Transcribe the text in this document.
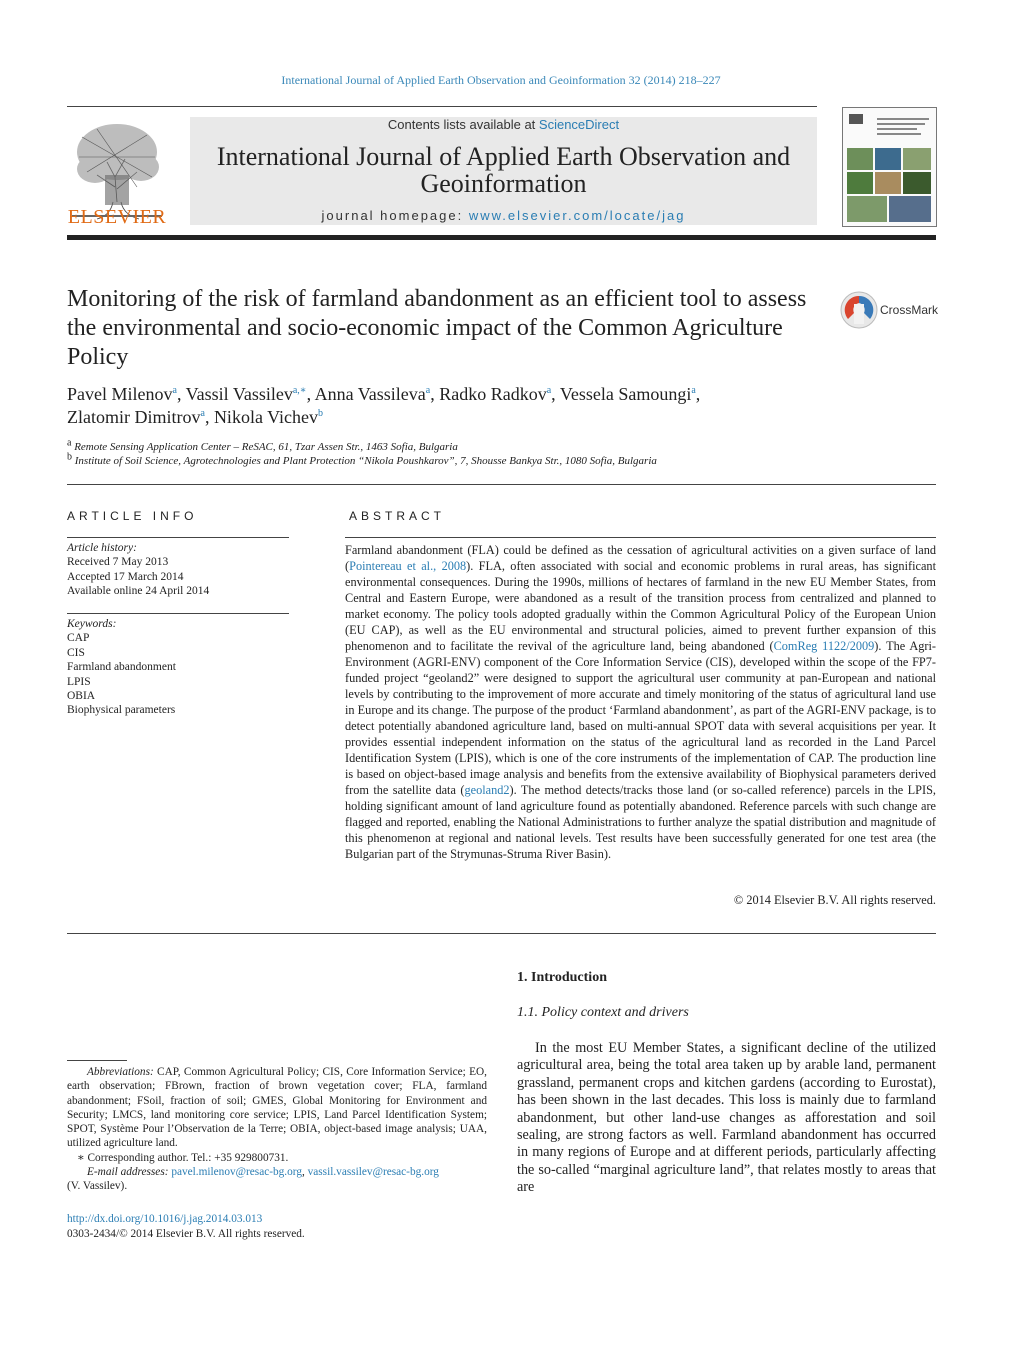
International Journal of Applied Earth Observation and Geoinformation 32 (2014) 218–227
ELSEVIER
Contents lists available at ScienceDirect
International Journal of Applied Earth Observation and Geoinformation
journal homepage: www.elsevier.com/locate/jag
Monitoring of the risk of farmland abandonment as an efficient tool to assess the environmental and socio-economic impact of the Common Agriculture Policy
CrossMark
Pavel Milenov$^a$, Vassil Vassilev$^{a,∗}$, Anna Vassileva$^a$, Radko Radkov$^a$, Vessela Samoungi$^a$,
Zlatomir Dimitrov$^a$, Nikola Vichev$^b$
$^a$ Remote Sensing Application Center – ReSAC, 61, Tzar Assen Str., 1463 Sofia, Bulgaria
$^b$ Institute of Soil Science, Agrotechnologies and Plant Protection “Nikola Poushkarov”, 7, Shousse Bankya Str., 1080 Sofia, Bulgaria
ARTICLE INFO
Article history:
Received 7 May 2013
Accepted 17 March 2014
Available online 24 April 2014
Keywords:
CAP
CIS
Farmland abandonment
LPIS
OBIA
Biophysical parameters
ABSTRACT
Farmland abandonment (FLA) could be defined as the cessation of agricultural activities on a given surface of land (Pointereau et al., 2008). FLA, often associated with social and economic problems in rural areas, has significant environmental consequences. During the 1990s, millions of hectares of farmland in the new EU Member States, from Central and Eastern Europe, were abandoned as a result of the transition process from centralized and planned to market economy. The policy tools adopted gradually within the Common Agricultural Policy of the European Union (EU CAP), as well as the EU environmental and structural policies, aimed to prevent further expansion of this phenomenon and to facilitate the revival of the agriculture land, being abandoned (ComReg 1122/2009). The Agri-Environment (AGRI-ENV) component of the Core Information Service (CIS), developed within the scope of the FP7-funded project “geoland2” were designed to support the agricultural user community at pan-European and national levels by contributing to the improvement of more accurate and timely monitoring of the status of agricultural land use in Europe and its change. The purpose of the product ‘Farmland abandonment’, as part of the AGRI-ENV package, is to detect potentially abandoned agriculture land, based on multi-annual SPOT data with several acquisitions per year. It provides essential independent information on the status of the agricultural land as recorded in the Land Parcel Identification System (LPIS), which is one of the core instruments of the implementation of CAP. The production line is based on object-based image analysis and benefits from the extensive availability of Biophysical parameters derived from the satellite data (geoland2). The method detects/tracks those land (or so-called reference) parcels in the LPIS, holding significant amount of land agriculture found as potentially abandoned. Reference parcels with such change are flagged and reported, enabling the National Administrations to further analyze the spatial distribution and magnitude of this phenomenon at regional and national levels. Test results have been successfully generated for one test area (the Bulgarian part of the Strymunas-Struma River Basin).
© 2014 Elsevier B.V. All rights reserved.
1. Introduction
1.1. Policy context and drivers
In the most EU Member States, a significant decline of the utilized agricultural area, being the total area taken up by arable land, permanent grassland, permanent crops and kitchen gardens (according to Eurostat), has been shown in the last decades. This loss is mainly due to farmland abandonment, but other land-use changes as afforestation and soil sealing, are strong factors as well. Farmland abandonment has occurred in many regions of Europe and at different periods, particularly affecting the so-called “marginal agriculture land”, that relates mostly to areas that are

Abbreviations: CAP, Common Agricultural Policy; CIS, Core Information Service; EO, earth observation; FBrown, fraction of brown vegetation cover; FLA, farmland abandonment; FSoil, fraction of soil; GMES, Global Monitoring for Environment and Security; LMCS, land monitoring core service; LPIS, Land Parcel Identification System; SPOT, Système Pour l’Observation de la Terre; OBIA, object-based image analysis; UAA, utilized agriculture land.

∗ Corresponding author. Tel.: +35 929800731.

E-mail addresses: pavel.milenov@resac-bg.org, vassil.vassilev@resac-bg.org

(V. Vassilev).

http://dx.doi.org/10.1016/j.jag.2014.03.013
0303-2434/© 2014 Elsevier B.V. All rights reserved.
